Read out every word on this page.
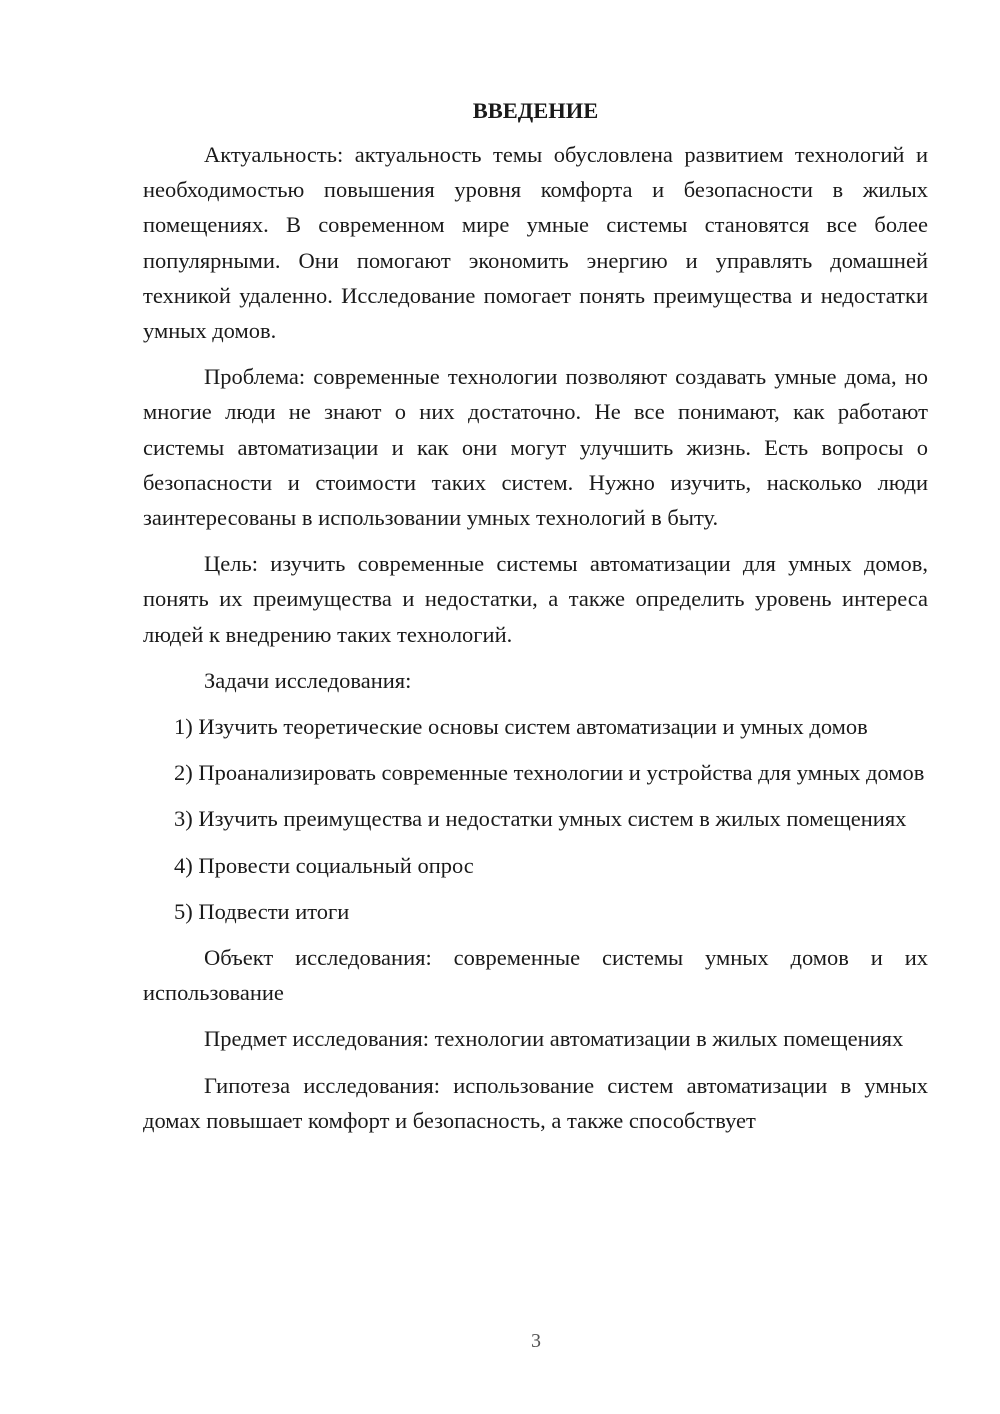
ВВЕДЕНИЕ

Актуальность: актуальность темы обусловлена развитием технологий и необходимостью повышения уровня комфорта и безопасности в жилых помещениях. В современном мире умные системы становятся все более популярными. Они помогают экономить энергию и управлять домашней техникой удаленно. Исследование помогает понять преимущества и недостатки умных домов.

Проблема: современные технологии позволяют создавать умные дома, но многие люди не знают о них достаточно. Не все понимают, как работают системы автоматизации и как они могут улучшить жизнь. Есть вопросы о безопасности и стоимости таких систем. Нужно изучить, насколько люди заинтересованы в использовании умных технологий в быту.

Цель: изучить современные системы автоматизации для умных домов, понять их преимущества и недостатки, а также определить уровень интереса людей к внедрению таких технологий.

Задачи исследования:

1) Изучить теоретические основы систем автоматизации и умных домов

2) Проанализировать современные технологии и устройства для умных домов

3) Изучить преимущества и недостатки умных систем в жилых помещениях

4) Провести социальный опрос

5) Подвести итоги

Объект исследования: современные системы умных домов и их использование

Предмет исследования: технологии автоматизации в жилых помещениях

Гипотеза исследования: использование систем автоматизации в умных домах повышает комфорт и безопасность, а также способствует

3
